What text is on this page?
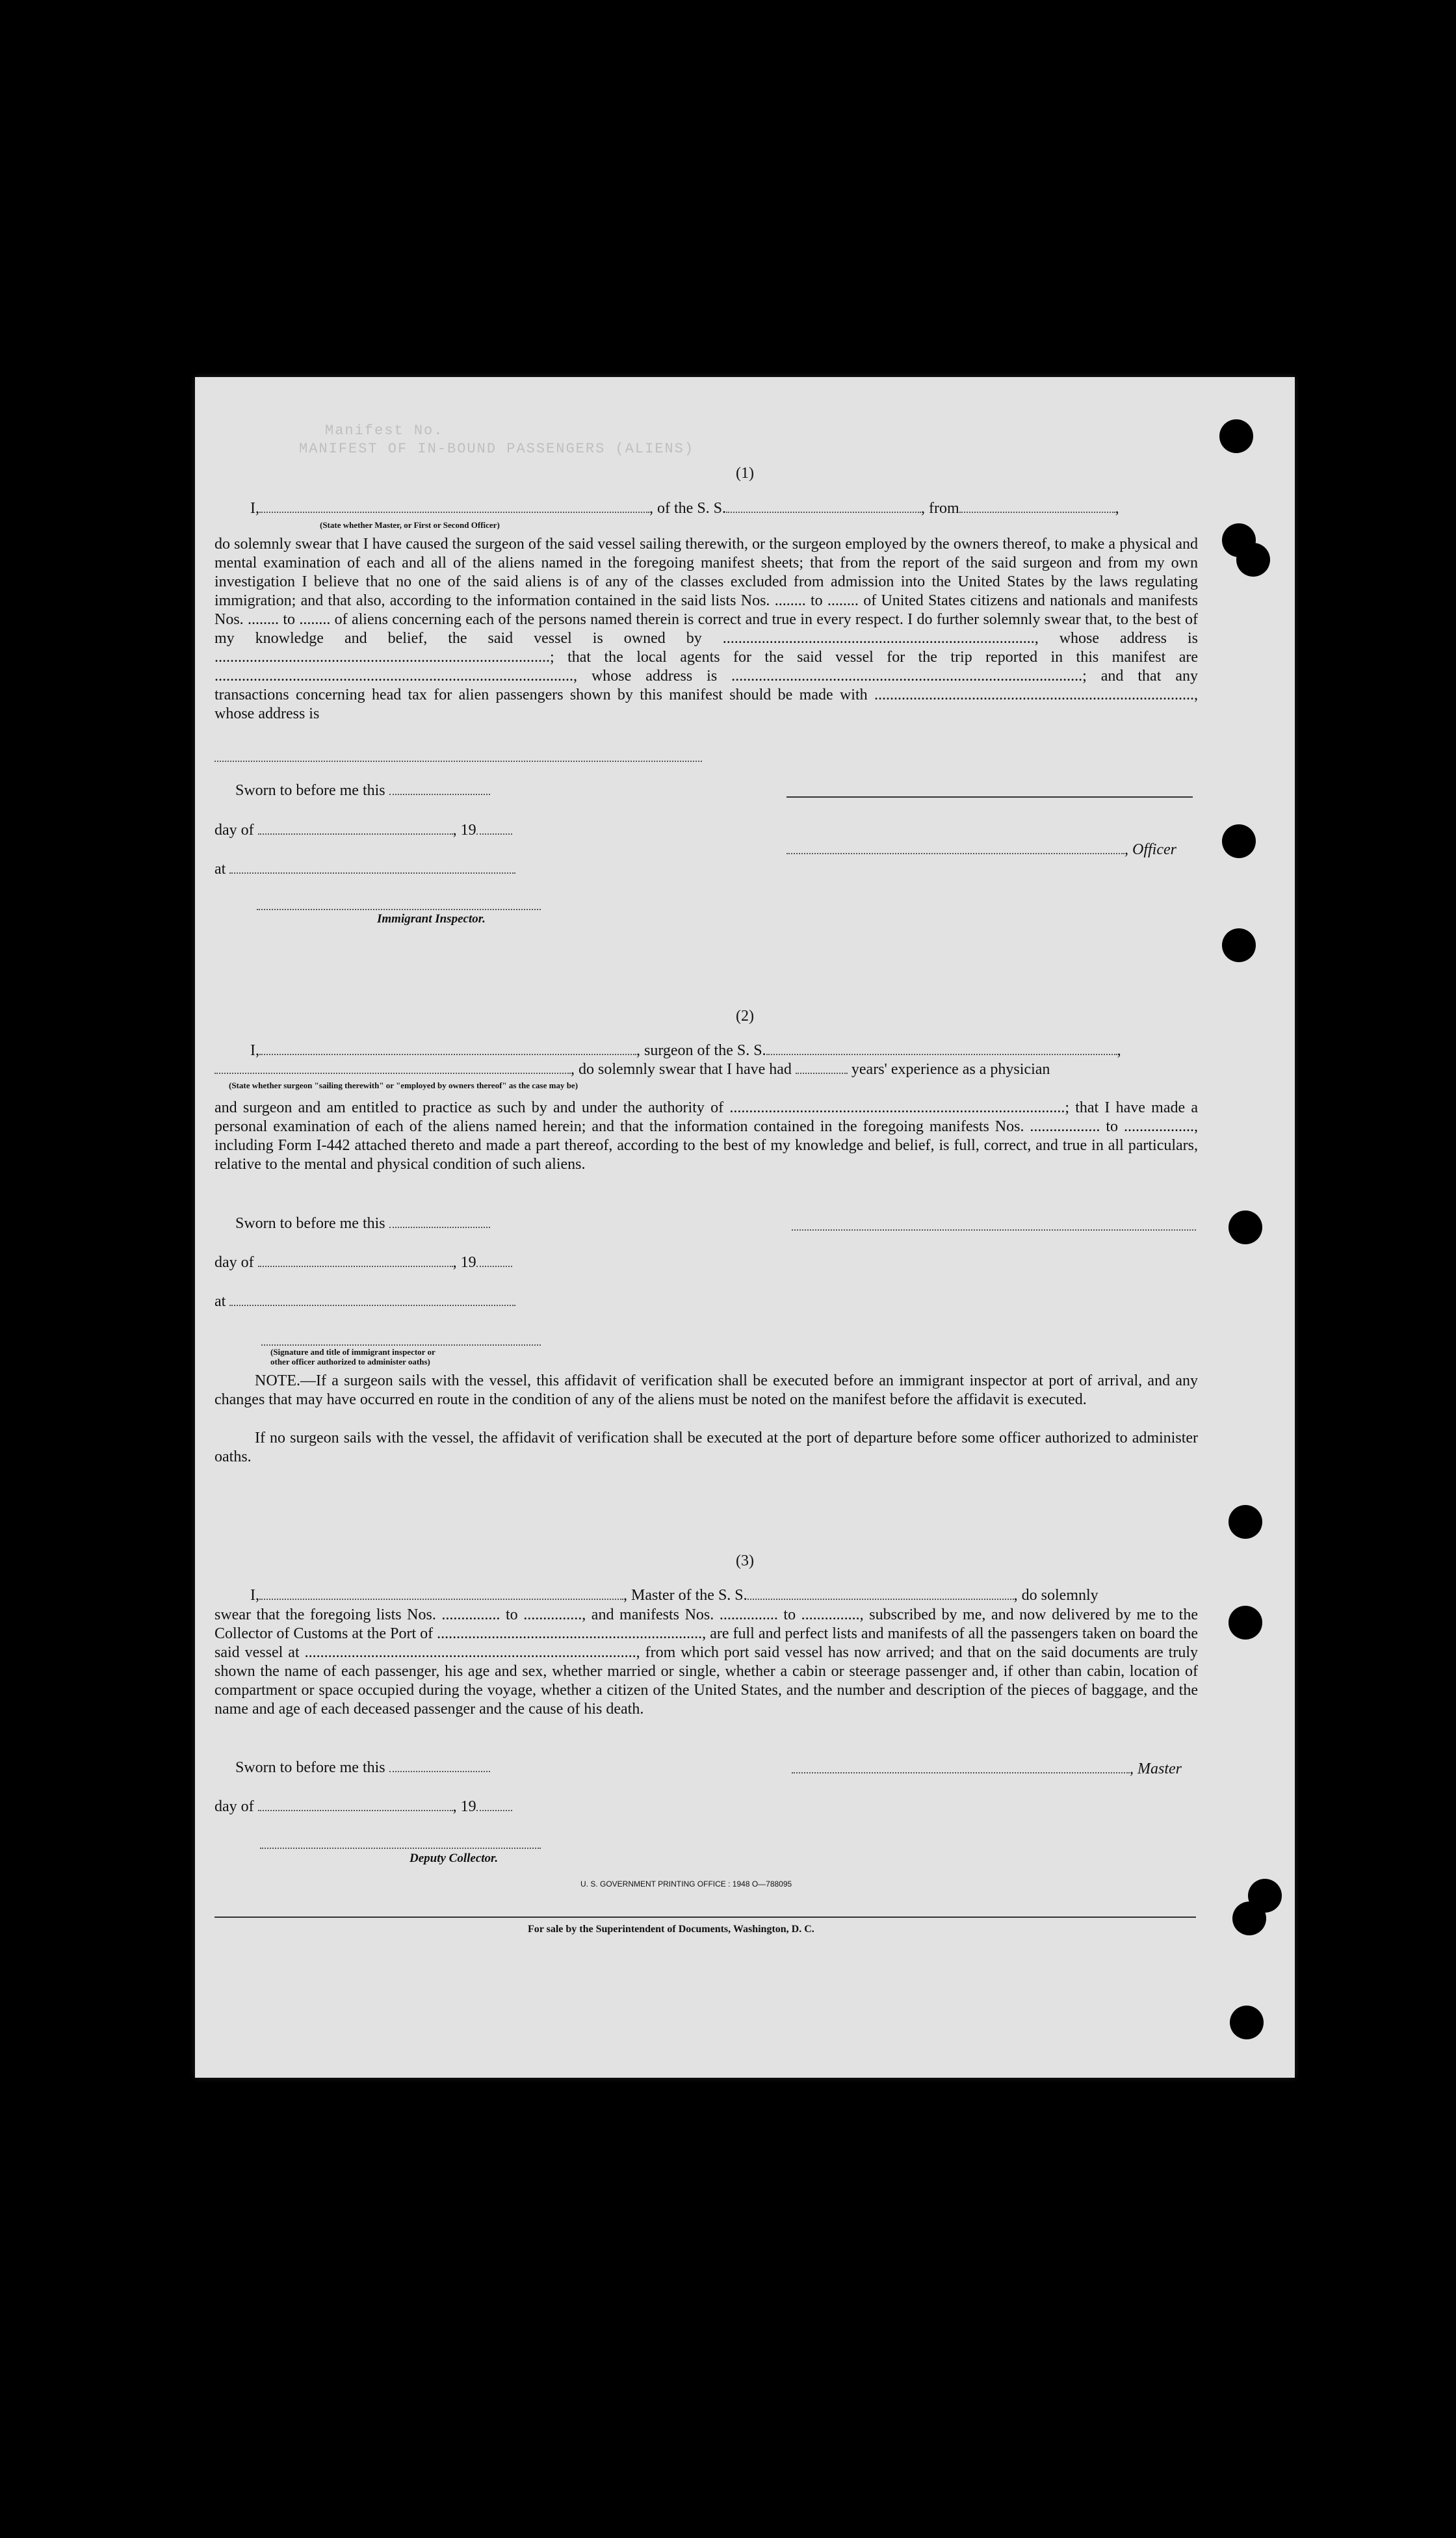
Manifest No.
MANIFEST OF IN-BOUND PASSENGERS (ALIENS)
(1)
I,	, of the S. S.	, from	,
(State whether Master, or First or Second Officer)
do solemnly swear that I have caused the surgeon of the said vessel sailing therewith, or the surgeon employed by the owners thereof, to make a physical and mental examination of each and all of the aliens named in the foregoing manifest sheets; that from the report of the said surgeon and from my own investigation I believe that no one of the said aliens is of any of the classes excluded from admission into the United States by the laws regulating immigration; and that also, according to the information contained in the said lists Nos. ........ to ........ of United States citizens and nationals and manifests Nos. ........ to ........ of aliens concerning each of the persons named therein is correct and true in every respect. I do further solemnly swear that, to the best of my knowledge and belief, the said vessel is owned by ................................................................................, whose address is ......................................................................................; that the local agents for the said vessel for the trip reported in this manifest are ............................................................................................, whose address is ..........................................................................................; and that any transactions concerning head tax for alien passengers shown by this manifest should be made with .................................................................................., whose address is
Sworn to before me this
day of	, 19
, Officer
at
Immigrant Inspector.
(2)
I,	, surgeon of the S. S.	,
, do solemnly swear that I have had	years' experience as a physician
(State whether surgeon "sailing therewith" or "employed by owners thereof" as the case may be)
and surgeon and am entitled to practice as such by and under the authority of ......................................................................................; that I have made a personal examination of each of the aliens named herein; and that the information contained in the foregoing manifests Nos. .................. to .................., including Form I-442 attached thereto and made a part thereof, according to the best of my knowledge and belief, is full, correct, and true in all particulars, relative to the mental and physical condition of such aliens.
Sworn to before me this
day of	, 19
at
(Signature and title of immigrant inspector or
other officer authorized to administer oaths)
NOTE.—If a surgeon sails with the vessel, this affidavit of verification shall be executed before an immigrant inspector at port of arrival, and any changes that may have occurred en route in the condition of any of the aliens must be noted on the manifest before the affidavit is executed.
If no surgeon sails with the vessel, the affidavit of verification shall be executed at the port of departure before some officer authorized to administer oaths.
(3)
I,	, Master of the S. S.	, do solemnly
swear that the foregoing lists Nos. ............... to ..............., and manifests Nos. ............... to ..............., subscribed by me, and now delivered by me to the Collector of Customs at the Port of ...................................................................., are full and perfect lists and manifests of all the passengers taken on board the said vessel at ....................................................................................., from which port said vessel has now arrived; and that on the said documents are truly shown the name of each passenger, his age and sex, whether married or single, whether a cabin or steerage passenger and, if other than cabin, location of compartment or space occupied during the voyage, whether a citizen of the United States, and the number and description of the pieces of baggage, and the name and age of each deceased passenger and the cause of his death.
Sworn to before me this	, Master
day of	, 19
Deputy Collector.
U. S. GOVERNMENT PRINTING OFFICE : 1948 O—788095
For sale by the Superintendent of Documents, Washington, D. C.
